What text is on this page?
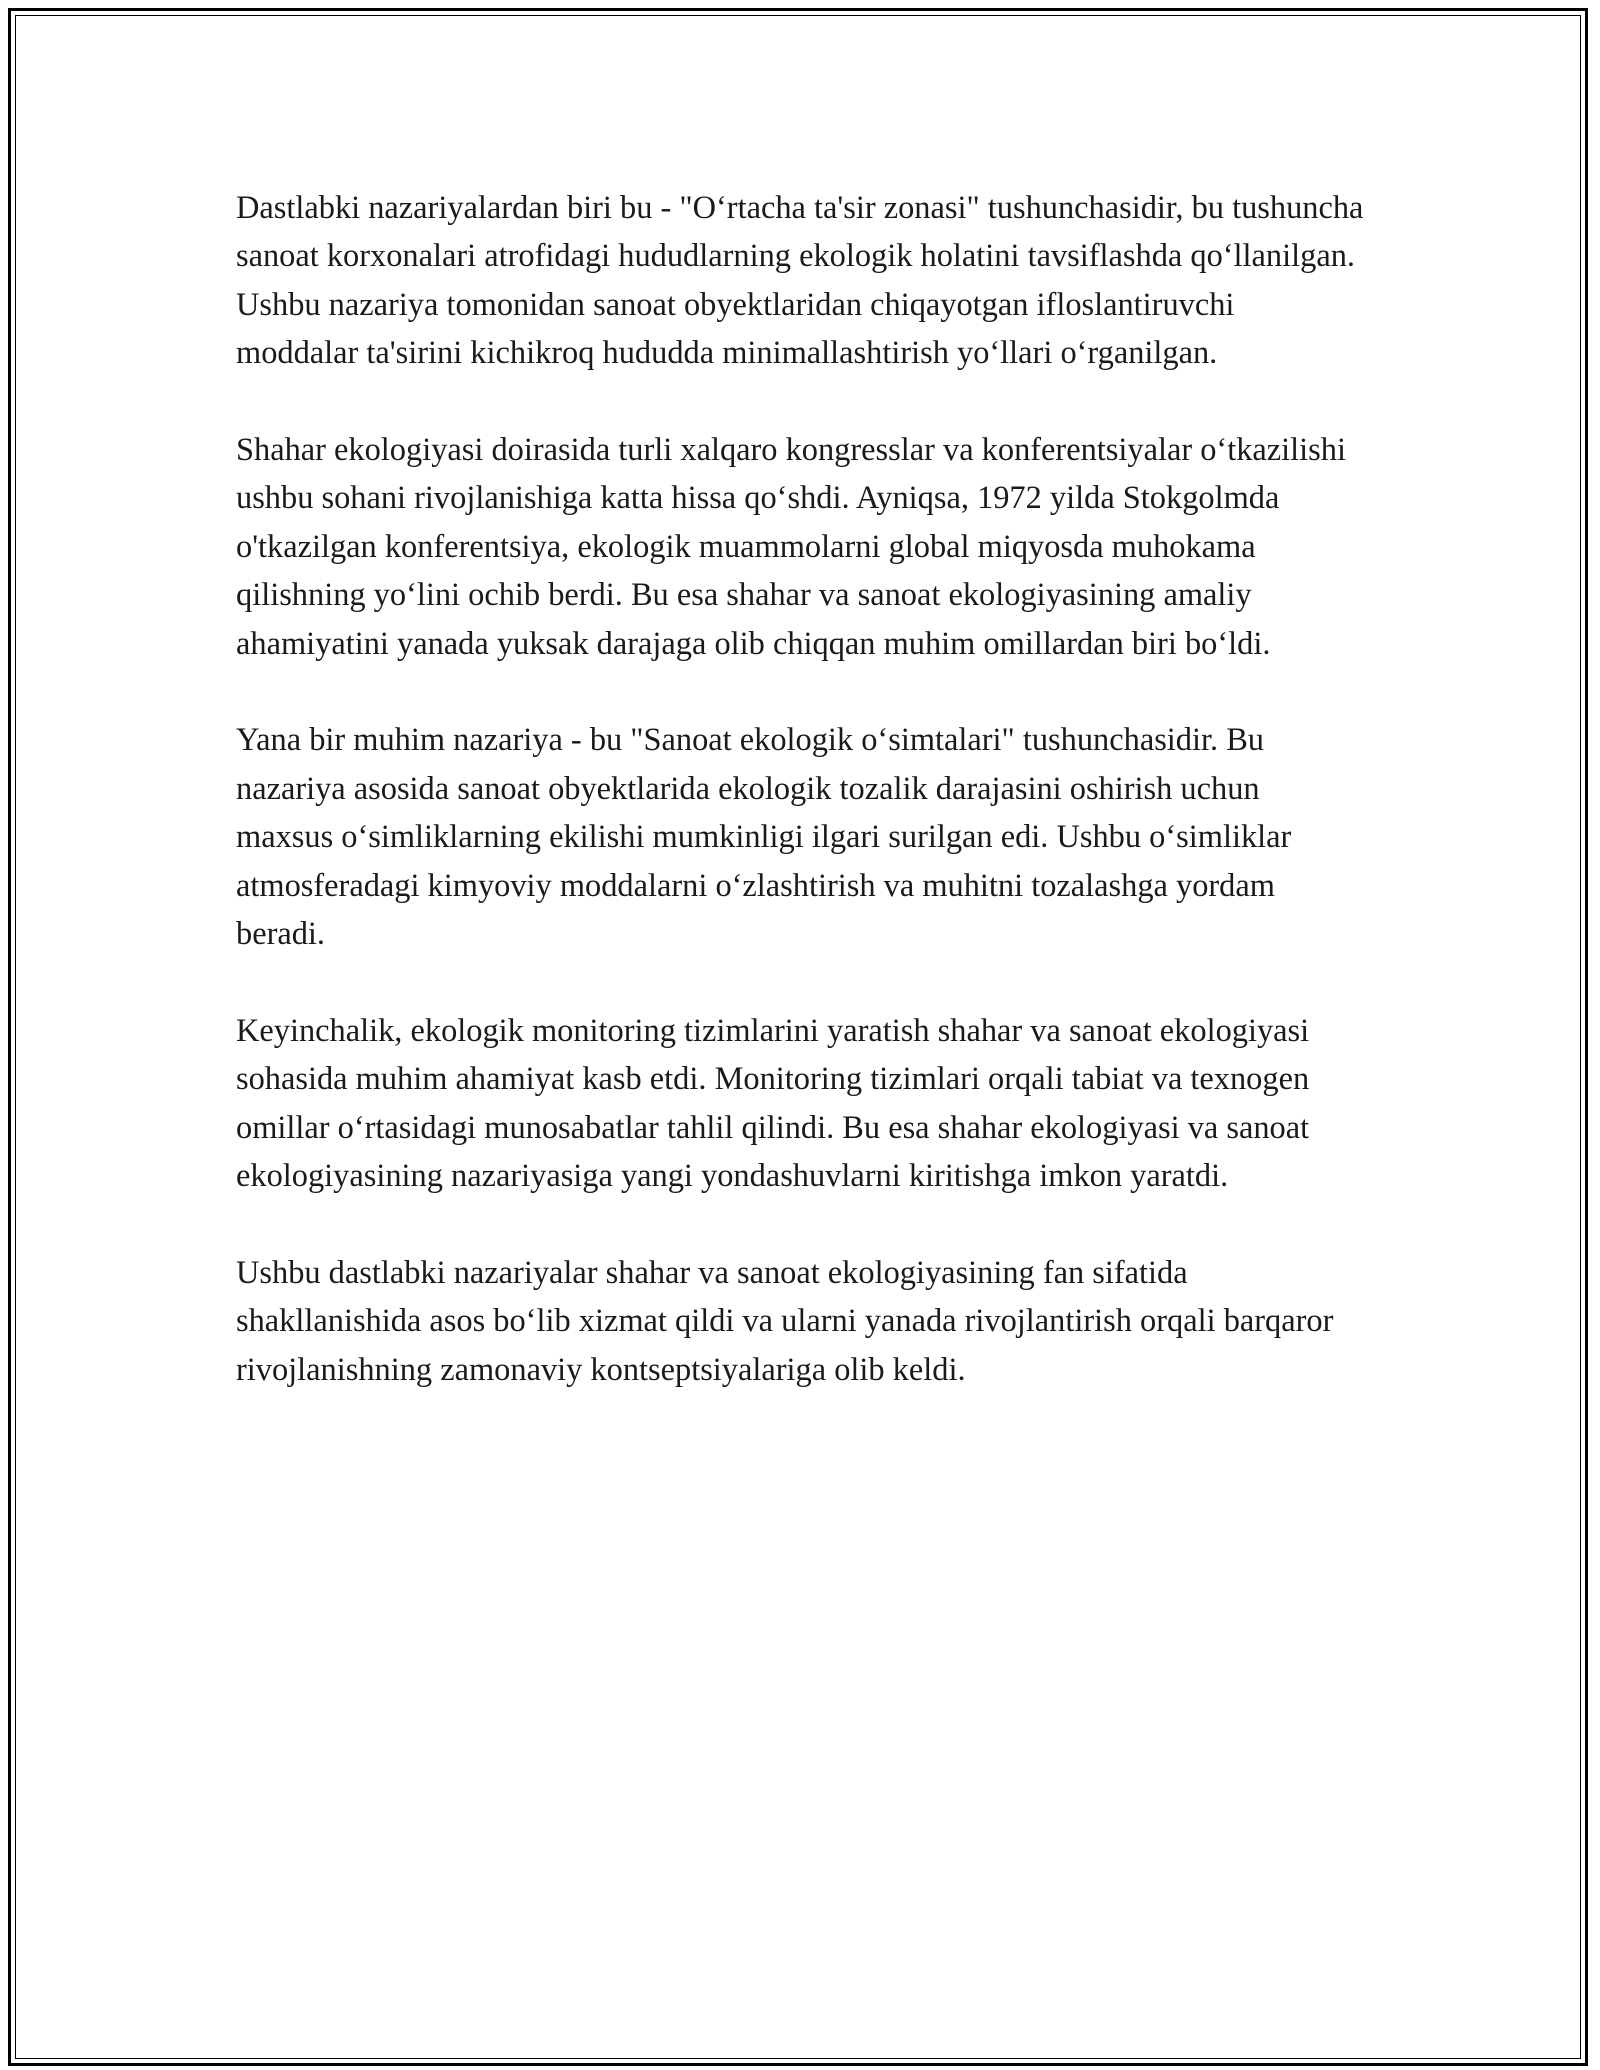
Dastlabki nazariyalardan biri bu - "O‘rtacha ta'sir zonasi" tushunchasidir, bu tushuncha sanoat korxonalari atrofidagi hududlarning ekologik holatini tavsiflashda qo‘llanilgan. Ushbu nazariya tomonidan sanoat obyektlaridan chiqayotgan ifloslantiruvchi moddalar ta'sirini kichikroq hududda minimallashtirish yo‘llari o‘rganilgan.

Shahar ekologiyasi doirasida turli xalqaro kongresslar va konferentsiyalar o‘tkazilishi ushbu sohani rivojlanishiga katta hissa qo‘shdi. Ayniqsa, 1972 yilda Stokgolmda o'tkazilgan konferentsiya, ekologik muammolarni global miqyosda muhokama qilishning yo‘lini ochib berdi. Bu esa shahar va sanoat ekologiyasining amaliy ahamiyatini yanada yuksak darajaga olib chiqqan muhim omillardan biri bo‘ldi.

Yana bir muhim nazariya - bu "Sanoat ekologik o‘simtalari" tushunchasidir. Bu nazariya asosida sanoat obyektlarida ekologik tozalik darajasini oshirish uchun maxsus o‘simliklarning ekilishi mumkinligi ilgari surilgan edi. Ushbu o‘simliklar atmosferadagi kimyoviy moddalarni o‘zlashtirish va muhitni tozalashga yordam beradi.

Keyinchalik, ekologik monitoring tizimlarini yaratish shahar va sanoat ekologiyasi sohasida muhim ahamiyat kasb etdi. Monitoring tizimlari orqali tabiat va texnogen omillar o‘rtasidagi munosabatlar tahlil qilindi. Bu esa shahar ekologiyasi va sanoat ekologiyasining nazariyasiga yangi yondashuvlarni kiritishga imkon yaratdi.

Ushbu dastlabki nazariyalar shahar va sanoat ekologiyasining fan sifatida shakllanishida asos bo‘lib xizmat qildi va ularni yanada rivojlantirish orqali barqaror rivojlanishning zamonaviy kontseptsiyalariga olib keldi.
